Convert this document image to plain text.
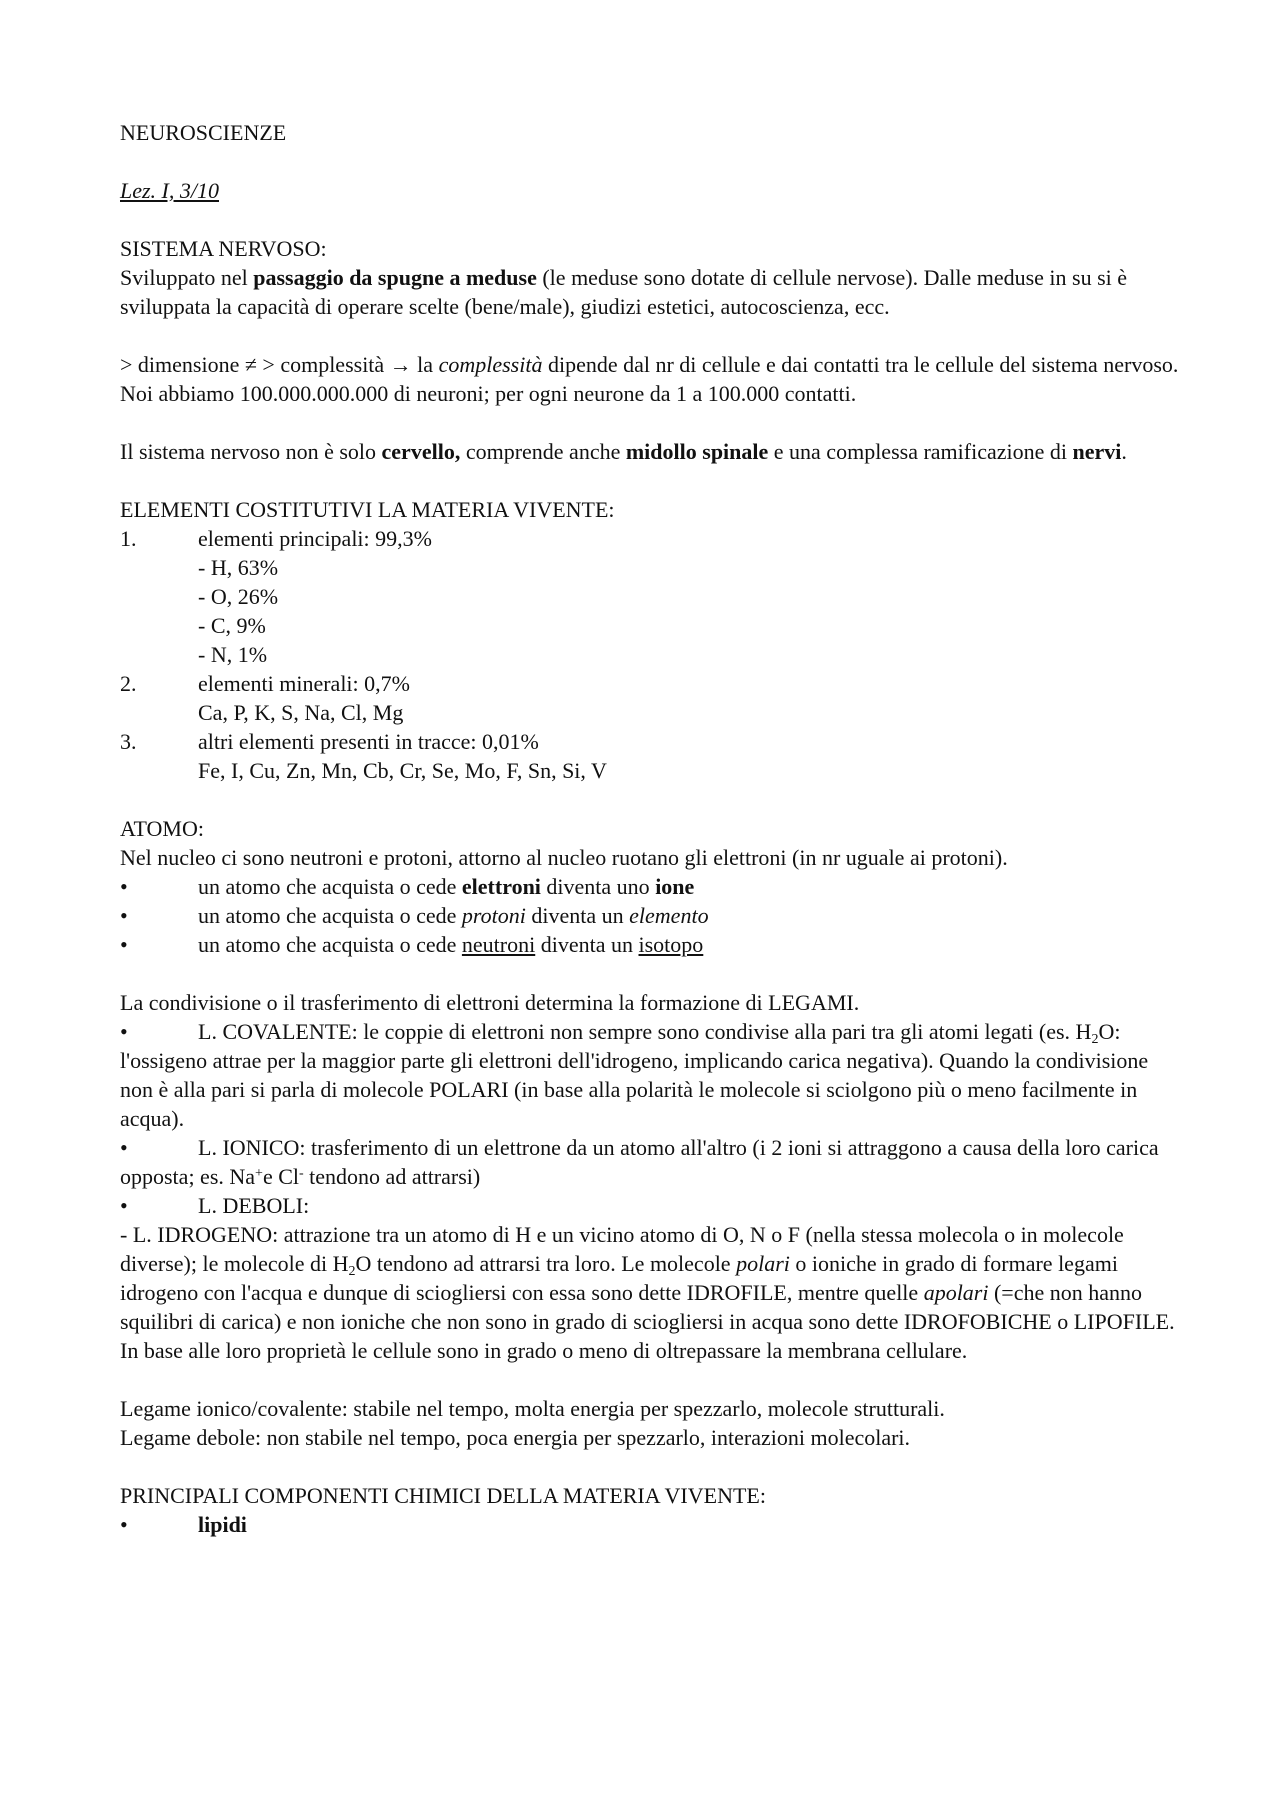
NEUROSCIENZE

Lez. I, 3/10

SISTEMA NERVOSO:

Sviluppato nel passaggio da spugne a meduse (le meduse sono dotate di cellule nervose). Dalle meduse in su si è sviluppata la capacità di operare scelte (bene/male), giudizi estetici, autocoscienza, ecc.

> dimensione ≠ > complessità → la complessità dipende dal nr di cellule e dai contatti tra le cellule del sistema nervoso.
Noi abbiamo 100.000.000.000 di neuroni; per ogni neurone da 1 a 100.000 contatti.

Il sistema nervoso non è solo cervello, comprende anche midollo spinale e una complessa ramificazione di nervi.

ELEMENTI COSTITUTIVI LA MATERIA VIVENTE:
1.	elementi principali: 99,3%
- H, 63%
- O, 26%
- C, 9%
- N, 1%
2.	elementi minerali: 0,7%
Ca, P, K, S, Na, Cl, Mg
3.	altri elementi presenti in tracce: 0,01%
Fe, I, Cu, Zn, Mn, Cb, Cr, Se, Mo, F, Sn, Si, V
ATOMO:
Nel nucleo ci sono neutroni e protoni, attorno al nucleo ruotano gli elettroni (in nr uguale ai protoni).
•	un atomo che acquista o cede elettroni diventa uno ione
•	un atomo che acquista o cede protoni diventa un elemento
•	un atomo che acquista o cede neutroni diventa un isotopo
La condivisione o il trasferimento di elettroni determina la formazione di LEGAMI.
•	L. COVALENTE: le coppie di elettroni non sempre sono condivise alla pari tra gli atomi legati (es. $H_2O$: l'ossigeno attrae per la maggior parte gli elettroni dell'idrogeno, implicando carica negativa). Quando la condivisione non è alla pari si parla di molecole POLARI (in base alla polarità le molecole si sciolgono più o meno facilmente in acqua).
•	L. IONICO: trasferimento di un elettrone da un atomo all'altro (i 2 ioni si attraggono a causa della loro carica opposta; es. Na+e Cl- tendono ad attrarsi)
•	L. DEBOLI:

- L. IDROGENO: attrazione tra un atomo di H e un vicino atomo di O, N o F (nella stessa molecola o in molecole diverse); le molecole di $H_2O$ tendono ad attrarsi tra loro. Le molecole polari o ioniche in grado di formare legami idrogeno con l'acqua e dunque di sciogliersi con essa sono dette IDROFILE, mentre quelle apolari (=che non hanno squilibri di carica) e non ioniche che non sono in grado di sciogliersi in acqua sono dette IDROFOBICHE o LIPOFILE. In base alle loro proprietà le cellule sono in grado o meno di oltrepassare la membrana cellulare.

Legame ionico/covalente: stabile nel tempo, molta energia per spezzarlo, molecole strutturali.
Legame debole: non stabile nel tempo, poca energia per spezzarlo, interazioni molecolari.

PRINCIPALI COMPONENTI CHIMICI DELLA MATERIA VIVENTE:
•	lipidi
